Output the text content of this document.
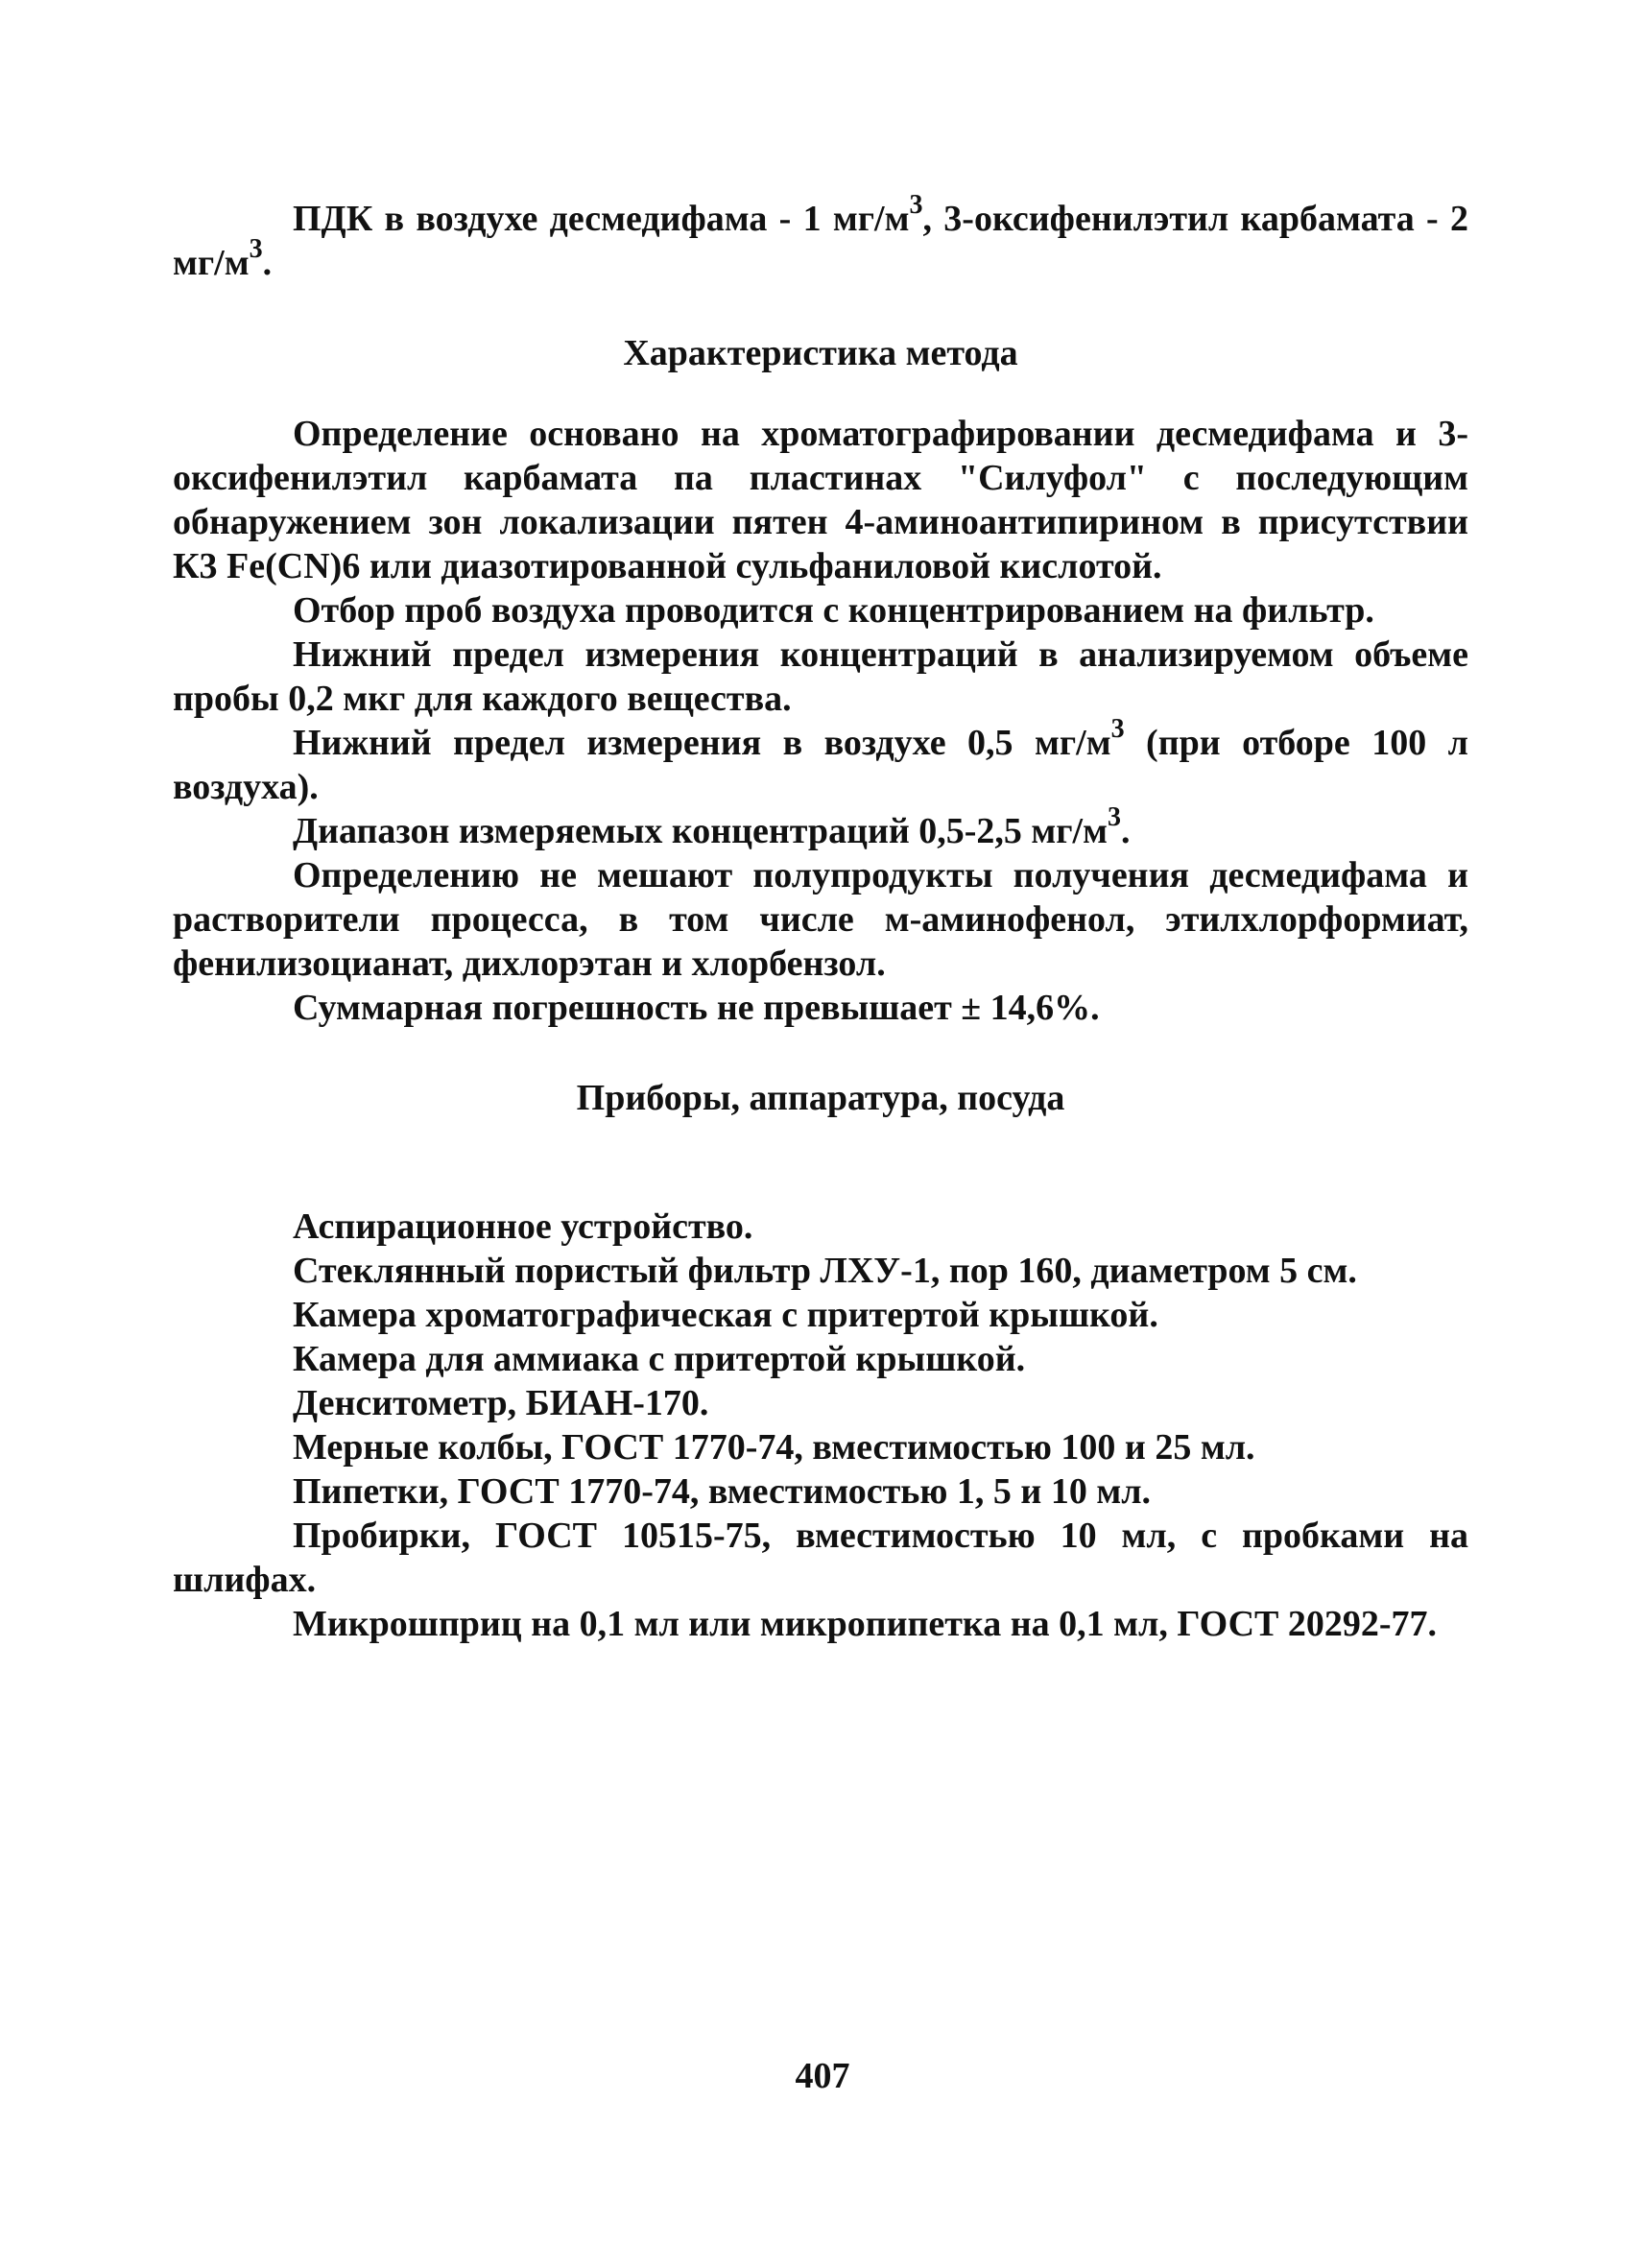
ПДК в воздухе десмедифама - 1 $мг/м^3$, 3-оксифенилэтил карбамата - 2 $мг/м^3$.

Характеристика метода

Определение основано на хроматографировании десмедифама и 3-оксифенилэтил карбамата па пластинах "Силуфол" с последующим обнаружением зон локализации пятен 4-аминоантипирином в присутствии К3 Fe(CN)6 или диазотированной сульфаниловой кислотой.

Отбор проб воздуха проводится с концентрированием на фильтр.

Нижний предел измерения концентраций в анализируемом объеме пробы 0,2 мкг для каждого вещества.

Нижний предел измерения в воздухе 0,5 $мг/м^3$ (при отборе 100 л воздуха).

Диапазон измеряемых концентраций 0,5-2,5 $мг/м^3$.

Определению не мешают полупродукты получения десмедифама и растворители процесса, в том числе м-аминофенол, этилхлорформиат, фенилизоцианат, дихлорэтан и хлорбензол.

Суммарная погрешность не превышает ± 14,6%.

Приборы, аппаратура, посуда

Аспирационное устройство.

Стеклянный пористый фильтр ЛХУ-1, пор 160, диаметром 5 см.

Камера хроматографическая с притертой крышкой.

Камера для аммиака с притертой крышкой.

Денситометр, БИАН-170.

Мерные колбы, ГОСТ 1770-74, вместимостью 100 и 25 мл.

Пипетки, ГОСТ 1770-74, вместимостью 1, 5 и 10 мл.

Пробирки, ГОСТ 10515-75, вместимостью 10 мл, с пробками на шлифах.

Микрошприц на 0,1 мл или микропипетка на 0,1 мл, ГОСТ 20292-77.

407
